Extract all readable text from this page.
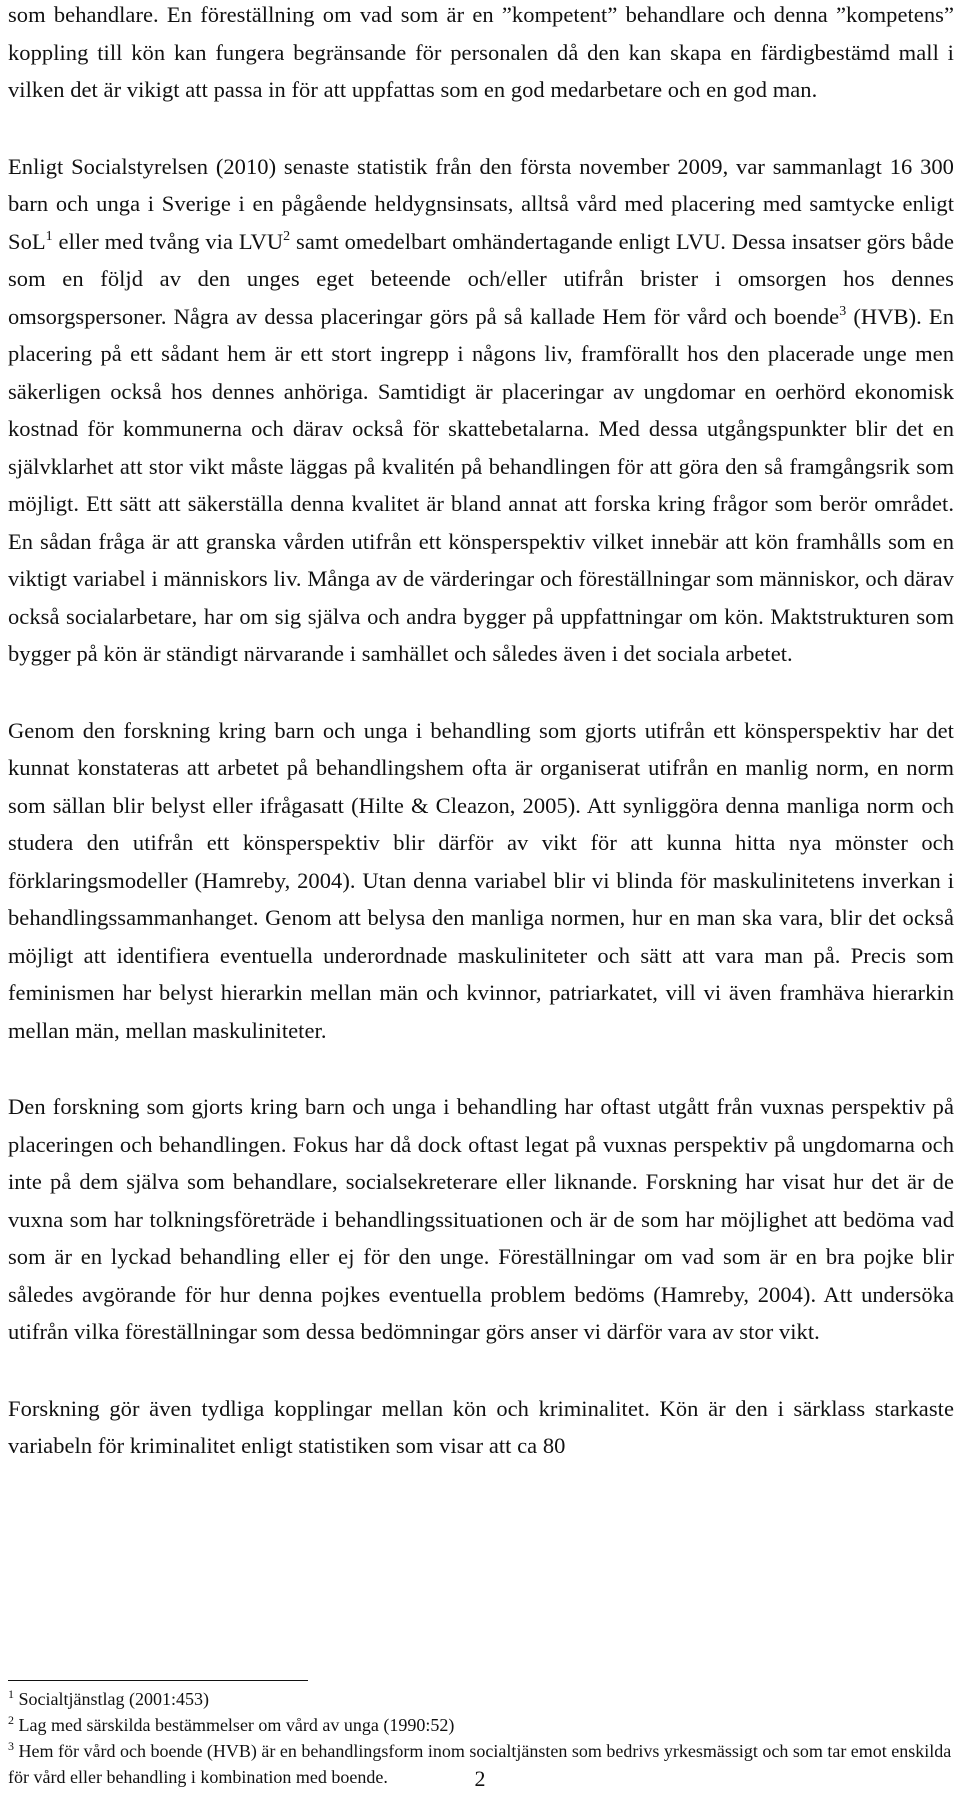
som behandlare. En föreställning om vad som är en ”kompetent” behandlare och denna ”kompetens” koppling till kön kan fungera begränsande för personalen då den kan skapa en färdigbestämd mall i vilken det är vikigt att passa in för att uppfattas som en god medarbetare och en god man.

Enligt Socialstyrelsen (2010) senaste statistik från den första november 2009, var sammanlagt 16 300 barn och unga i Sverige i en pågående heldygnsinsats, alltså vård med placering med samtycke enligt SoL$^1$ eller med tvång via LVU$^2$ samt omedelbart omhändertagande enligt LVU. Dessa insatser görs både som en följd av den unges eget beteende och/eller utifrån brister i omsorgen hos dennes omsorgspersoner. Några av dessa placeringar görs på så kallade Hem för vård och boende$^3$ (HVB). En placering på ett sådant hem är ett stort ingrepp i någons liv, framförallt hos den placerade unge men säkerligen också hos dennes anhöriga. Samtidigt är placeringar av ungdomar en oerhörd ekonomisk kostnad för kommunerna och därav också för skattebetalarna. Med dessa utgångspunkter blir det en självklarhet att stor vikt måste läggas på kvalitén på behandlingen för att göra den så framgångsrik som möjligt. Ett sätt att säkerställa denna kvalitet är bland annat att forska kring frågor som berör området. En sådan fråga är att granska vården utifrån ett könsperspektiv vilket innebär att kön framhålls som en viktigt variabel i människors liv. Många av de värderingar och föreställningar som människor, och därav också socialarbetare, har om sig själva och andra bygger på uppfattningar om kön. Maktstrukturen som bygger på kön är ständigt närvarande i samhället och således även i det sociala arbetet.

Genom den forskning kring barn och unga i behandling som gjorts utifrån ett könsperspektiv har det kunnat konstateras att arbetet på behandlingshem ofta är organiserat utifrån en manlig norm, en norm som sällan blir belyst eller ifrågasatt (Hilte & Cleazon, 2005). Att synliggöra denna manliga norm och studera den utifrån ett könsperspektiv blir därför av vikt för att kunna hitta nya mönster och förklaringsmodeller (Hamreby, 2004). Utan denna variabel blir vi blinda för maskulinitetens inverkan i behandlingssammanhanget. Genom att belysa den manliga normen, hur en man ska vara, blir det också möjligt att identifiera eventuella underordnade maskuliniteter och sätt att vara man på. Precis som feminismen har belyst hierarkin mellan män och kvinnor, patriarkatet, vill vi även framhäva hierarkin mellan män, mellan maskuliniteter.

Den forskning som gjorts kring barn och unga i behandling har oftast utgått från vuxnas perspektiv på placeringen och behandlingen. Fokus har då dock oftast legat på vuxnas perspektiv på ungdomarna och inte på dem själva som behandlare, socialsekreterare eller liknande. Forskning har visat hur det är de vuxna som har tolkningsföreträde i behandlingssituationen och är de som har möjlighet att bedöma vad som är en lyckad behandling eller ej för den unge. Föreställningar om vad som är en bra pojke blir således avgörande för hur denna pojkes eventuella problem bedöms (Hamreby, 2004). Att undersöka utifrån vilka föreställningar som dessa bedömningar görs anser vi därför vara av stor vikt.

Forskning gör även tydliga kopplingar mellan kön och kriminalitet. Kön är den i särklass starkaste variabeln för kriminalitet enligt statistiken som visar att ca 80

$^1$ Socialtjänstlag (2001:453)

$^2$ Lag med särskilda bestämmelser om vård av unga (1990:52)

$^3$ Hem för vård och boende (HVB) är en behandlingsform inom socialtjänsten som bedrivs yrkesmässigt och som tar emot enskilda för vård eller behandling i kombination med boende.	2
